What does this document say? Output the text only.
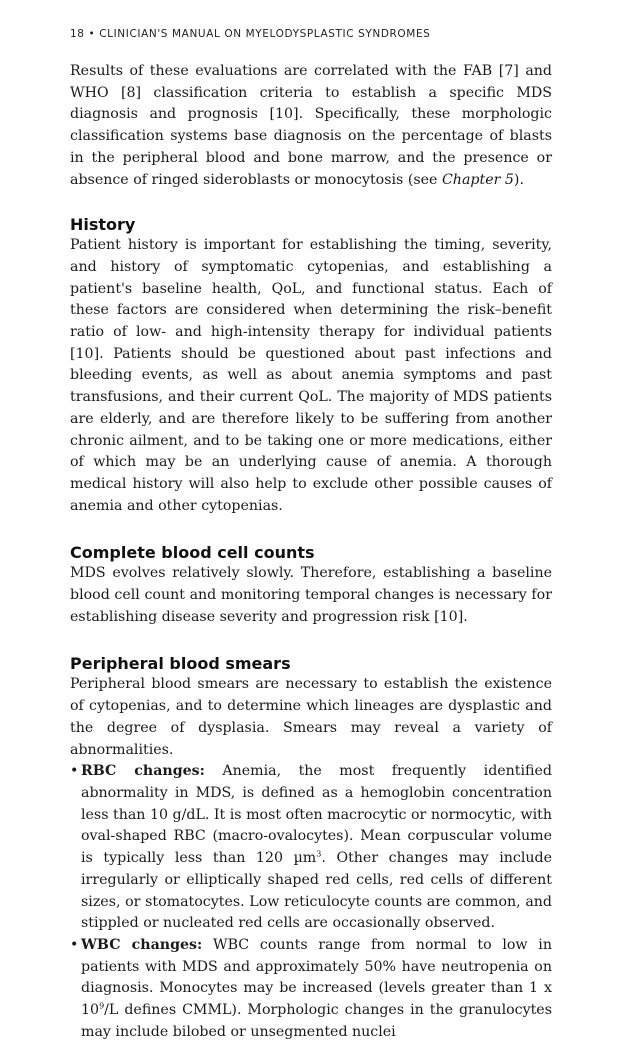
18 • CLINICIAN'S MANUAL ON MYELODYSPLASTIC SYNDROMES

Results of these evaluations are correlated with the FAB [7] and WHO [8] classification criteria to establish a specific MDS diagnosis and prognosis [10]. Specifically, these morphologic classification systems base diagnosis on the percentage of blasts in the peripheral blood and bone marrow, and the presence or absence of ringed sideroblasts or monocytosis (see Chapter 5).

History

Patient history is important for establishing the timing, severity, and history of symptomatic cytopenias, and establishing a patient's baseline health, QoL, and functional status. Each of these factors are considered when determining the risk–benefit ratio of low- and high-intensity therapy for individual patients [10]. Patients should be questioned about past infections and bleeding events, as well as about anemia symptoms and past transfusions, and their current QoL. The majority of MDS patients are elderly, and are therefore likely to be suffering from another chronic ailment, and to be taking one or more medications, either of which may be an underlying cause of anemia. A thorough medical history will also help to exclude other possible causes of anemia and other cytopenias.

Complete blood cell counts

MDS evolves relatively slowly. Therefore, establishing a baseline blood cell count and monitoring temporal changes is necessary for establishing disease severity and progression risk [10].

Peripheral blood smears

Peripheral blood smears are necessary to establish the existence of cytopenias, and to determine which lineages are dysplastic and the degree of dysplasia. Smears may reveal a variety of abnormalities.

• RBC changes: Anemia, the most frequently identified abnormality in MDS, is defined as a hemoglobin concentration less than 10 g/dL. It is most often macrocytic or normocytic, with oval-shaped RBC (macro-ovalocytes). Mean corpuscular volume is typically less than 120 µm$^3$. Other changes may include irregularly or elliptically shaped red cells, red cells of different sizes, or stomatocytes. Low reticulocyte counts are common, and stippled or nucleated red cells are occasionally observed.
• WBC changes: WBC counts range from normal to low in patients with MDS and approximately 50% have neutropenia on diagnosis. Monocytes may be increased (levels greater than 1 x $10^9/L$ defines CMML). Morphologic changes in the granulocytes may include bilobed or unsegmented nuclei
